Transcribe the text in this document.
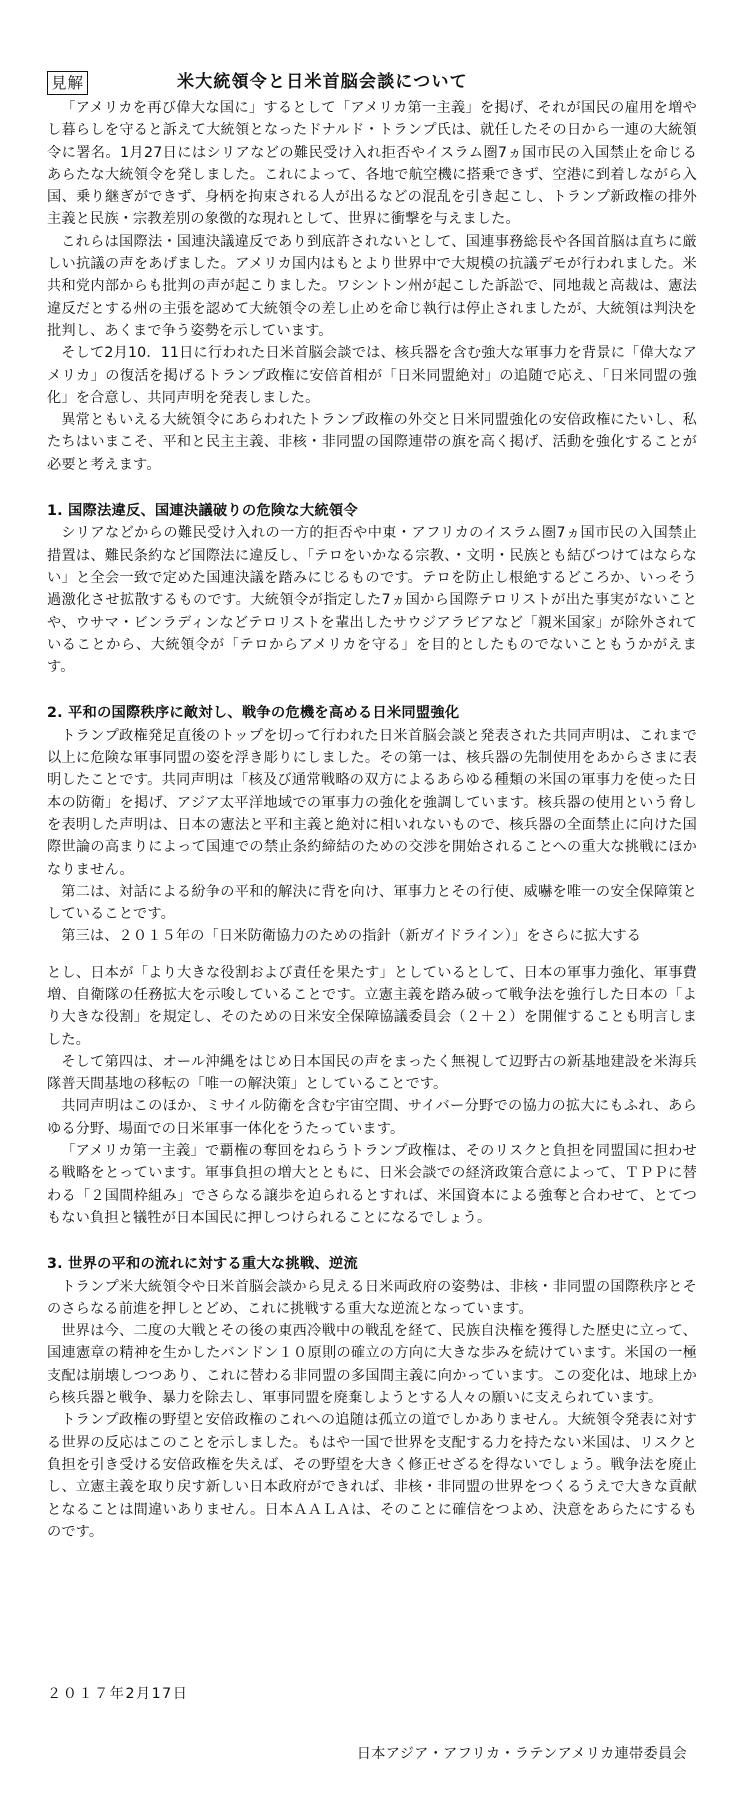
見解	米大統領令と日米首脳会談について

「アメリカを再び偉大な国に」するとして「アメリカ第一主義」を掲げ、それが国民の雇用を増やし暮らしを守ると訴えて大統領となったドナルド・トランプ氏は、就任したその日から一連の大統領令に署名。1月27日にはシリアなどの難民受け入れ拒否やイスラム圏7ヵ国市民の入国禁止を命じるあらたな大統領令を発しました。これによって、各地で航空機に搭乗できず、空港に到着しながら入国、乗り継ぎができず、身柄を拘束される人が出るなどの混乱を引き起こし、トランプ新政権の排外主義と民族・宗教差別の象徴的な現れとして、世界に衝撃を与えました。

これらは国際法・国連決議違反であり到底許されないとして、国連事務総長や各国首脳は直ちに厳しい抗議の声をあげました。アメリカ国内はもとより世界中で大規模の抗議デモが行われました。米共和党内部からも批判の声が起こりました。ワシントン州が起こした訴訟で、同地裁と高裁は、憲法違反だとする州の主張を認めて大統領令の差し止めを命じ執行は停止されましたが、大統領は判決を批判し、あくまで争う姿勢を示しています。

そして2月10．11日に行われた日米首脳会談では、核兵器を含む強大な軍事力を背景に「偉大なアメリカ」の復活を掲げるトランプ政権に安倍首相が「日米同盟絶対」の追随で応え、「日米同盟の強化」を合意し、共同声明を発表しました。

異常ともいえる大統領令にあらわれたトランプ政権の外交と日米同盟強化の安倍政権にたいし、私たちはいまこそ、平和と民主主義、非核・非同盟の国際連帯の旗を高く掲げ、活動を強化することが必要と考えます。

1. 国際法違反、国連決議破りの危険な大統領令

シリアなどからの難民受け入れの一方的拒否や中東・アフリカのイスラム圏7ヵ国市民の入国禁止措置は、難民条約など国際法に違反し、「テロをいかなる宗教、・文明・民族とも結びつけてはならない」と全会一致で定めた国連決議を踏みにじるものです。テロを防止し根絶するどころか、いっそう過激化させ拡散するものです。大統領令が指定した7ヵ国から国際テロリストが出た事実がないことや、ウサマ・ビンラディンなどテロリストを輩出したサウジアラビアなど「親米国家」が除外されていることから、大統領令が「テロからアメリカを守る」を目的としたものでないこともうかがえます。

2. 平和の国際秩序に敵対し、戦争の危機を高める日米同盟強化

トランプ政権発足直後のトップを切って行われた日米首脳会談と発表された共同声明は、これまで以上に危険な軍事同盟の姿を浮き彫りにしました。その第一は、核兵器の先制使用をあからさまに表明したことです。共同声明は「核及び通常戦略の双方によるあらゆる種類の米国の軍事力を使った日本の防衛」を掲げ、アジア太平洋地域での軍事力の強化を強調しています。核兵器の使用という脅しを表明した声明は、日本の憲法と平和主義と絶対に相いれないもので、核兵器の全面禁止に向けた国際世論の高まりによって国連での禁止条約締結のための交渉を開始されることへの重大な挑戦にほかなりません。

第二は、対話による紛争の平和的解決に背を向け、軍事力とその行使、威嚇を唯一の安全保障策としていることです。

第三は、２０１５年の「日米防衛協力のための指針（新ガイドライン）」をさらに拡大する

とし、日本が「より大きな役割および責任を果たす」としているとして、日本の軍事力強化、軍事費増、自衛隊の任務拡大を示唆していることです。立憲主義を踏み破って戦争法を強行した日本の「より大きな役割」を規定し、そのための日米安全保障協議委員会（２＋２）を開催することも明言しました。

そして第四は、オール沖縄をはじめ日本国民の声をまったく無視して辺野古の新基地建設を米海兵隊普天間基地の移転の「唯一の解決策」としていることです。

共同声明はこのほか、ミサイル防衛を含む宇宙空間、サイバー分野での協力の拡大にもふれ、あらゆる分野、場面での日米軍事一体化をうたっています。

「アメリカ第一主義」で覇権の奪回をねらうトランプ政権は、そのリスクと負担を同盟国に担わせる戦略をとっています。軍事負担の増大とともに、日米会談での経済政策合意によって、ＴＰＰに替わる「２国間枠組み」でさらなる譲歩を迫られるとすれば、米国資本による強奪と合わせて、とてつもない負担と犠牲が日本国民に押しつけられることになるでしょう。

3. 世界の平和の流れに対する重大な挑戦、逆流

トランプ米大統領令や日米首脳会談から見える日米両政府の姿勢は、非核・非同盟の国際秩序とそのさらなる前進を押しとどめ、これに挑戦する重大な逆流となっています。

世界は今、二度の大戦とその後の東西冷戦中の戦乱を経て、民族自決権を獲得した歴史に立って、国連憲章の精神を生かしたバンドン１０原則の確立の方向に大きな歩みを続けています。米国の一極支配は崩壊しつつあり、これに替わる非同盟の多国間主義に向かっています。この変化は、地球上から核兵器と戦争、暴力を除去し、軍事同盟を廃棄しようとする人々の願いに支えられています。

トランプ政権の野望と安倍政権のこれへの追随は孤立の道でしかありません。大統領令発表に対する世界の反応はこのことを示しました。もはや一国で世界を支配する力を持たない米国は、リスクと負担を引き受ける安倍政権を失えば、その野望を大きく修正せざるを得ないでしょう。戦争法を廃止し、立憲主義を取り戻す新しい日本政府ができれば、非核・非同盟の世界をつくるうえで大きな貢献となることは間違いありません。日本ＡＡＬＡは、そのことに確信をつよめ、決意をあらたにするものです。

２０１７年2月17日
日本アジア・アフリカ・ラテンアメリカ連帯委員会
